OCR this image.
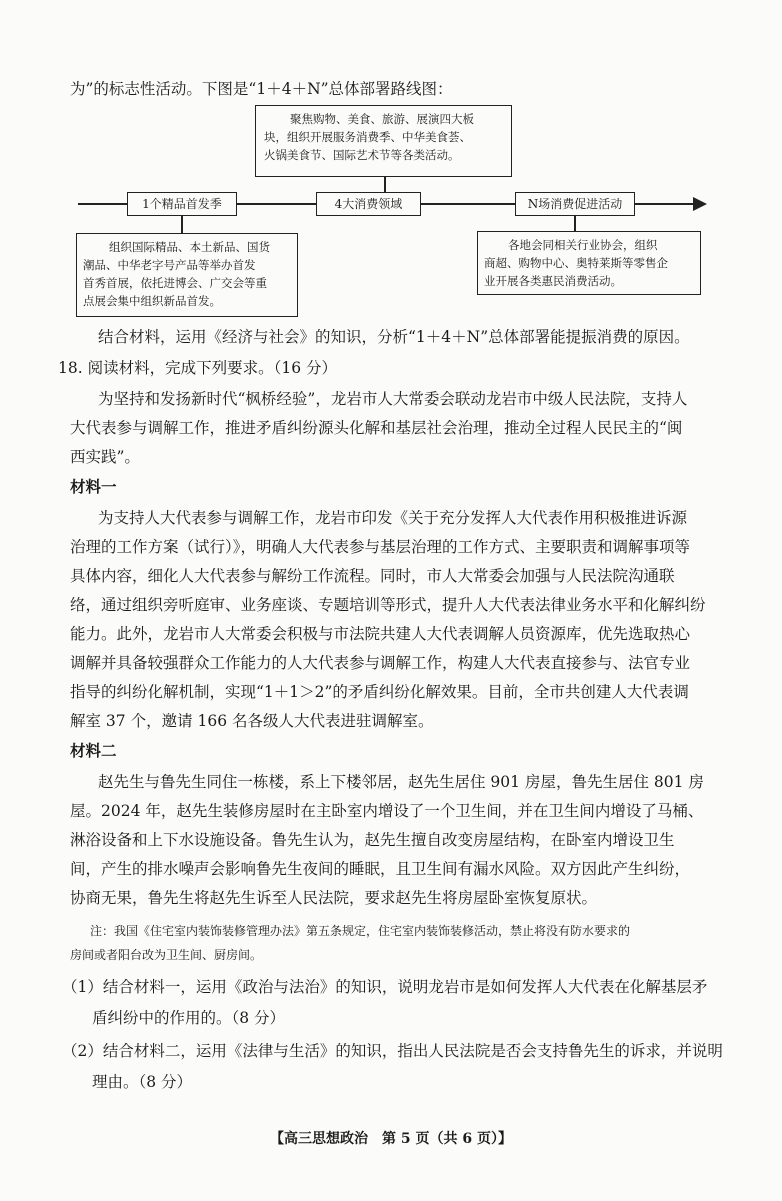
为”的标志性活动。下图是“1＋4＋N”总体部署路线图：
聚焦购物、美食、旅游、展演四大板
块，组织开展服务消费季、中华美食荟、
火锅美食节、国际艺术节等各类活动。
1个精品首发季	4大消费领域	N场消费促进活动
组织国际精品、本土新品、国货
潮品、中华老字号产品等举办首发
首秀首展，依托进博会、广交会等重
点展会集中组织新品首发。
各地会同相关行业协会，组织
商超、购物中心、奥特莱斯等零售企
业开展各类惠民消费活动。
结合材料，运用《经济与社会》的知识，分析“1＋4＋N”总体部署能提振消费的原因。
18. 阅读材料，完成下列要求。（16 分）
为坚持和发扬新时代“枫桥经验”，龙岩市人大常委会联动龙岩市中级人民法院，支持人
大代表参与调解工作，推进矛盾纠纷源头化解和基层社会治理，推动全过程人民民主的“闽
西实践”。
材料一
为支持人大代表参与调解工作，龙岩市印发《关于充分发挥人大代表作用积极推进诉源
治理的工作方案（试行）》，明确人大代表参与基层治理的工作方式、主要职责和调解事项等
具体内容，细化人大代表参与解纷工作流程。同时，市人大常委会加强与人民法院沟通联
络，通过组织旁听庭审、业务座谈、专题培训等形式，提升人大代表法律业务水平和化解纠纷
能力。此外，龙岩市人大常委会积极与市法院共建人大代表调解人员资源库，优先选取热心
调解并具备较强群众工作能力的人大代表参与调解工作，构建人大代表直接参与、法官专业
指导的纠纷化解机制，实现“1＋1＞2”的矛盾纠纷化解效果。目前，全市共创建人大代表调
解室 37 个，邀请 166 名各级人大代表进驻调解室。
材料二
赵先生与鲁先生同住一栋楼，系上下楼邻居，赵先生居住 901 房屋，鲁先生居住 801 房
屋。2024 年，赵先生装修房屋时在主卧室内增设了一个卫生间，并在卫生间内增设了马桶、
淋浴设备和上下水设施设备。鲁先生认为，赵先生擅自改变房屋结构，在卧室内增设卫生
间，产生的排水噪声会影响鲁先生夜间的睡眠，且卫生间有漏水风险。双方因此产生纠纷，
协商无果，鲁先生将赵先生诉至人民法院，要求赵先生将房屋卧室恢复原状。
注：我国《住宅室内装饰装修管理办法》第五条规定，住宅室内装饰装修活动，禁止将没有防水要求的
房间或者阳台改为卫生间、厨房间。
（1）结合材料一，运用《政治与法治》的知识，说明龙岩市是如何发挥人大代表在化解基层矛
盾纠纷中的作用的。（8 分）
（2）结合材料二，运用《法律与生活》的知识，指出人民法院是否会支持鲁先生的诉求，并说明
理由。（8 分）
【高三思想政治　第 5 页（共 6 页）】
